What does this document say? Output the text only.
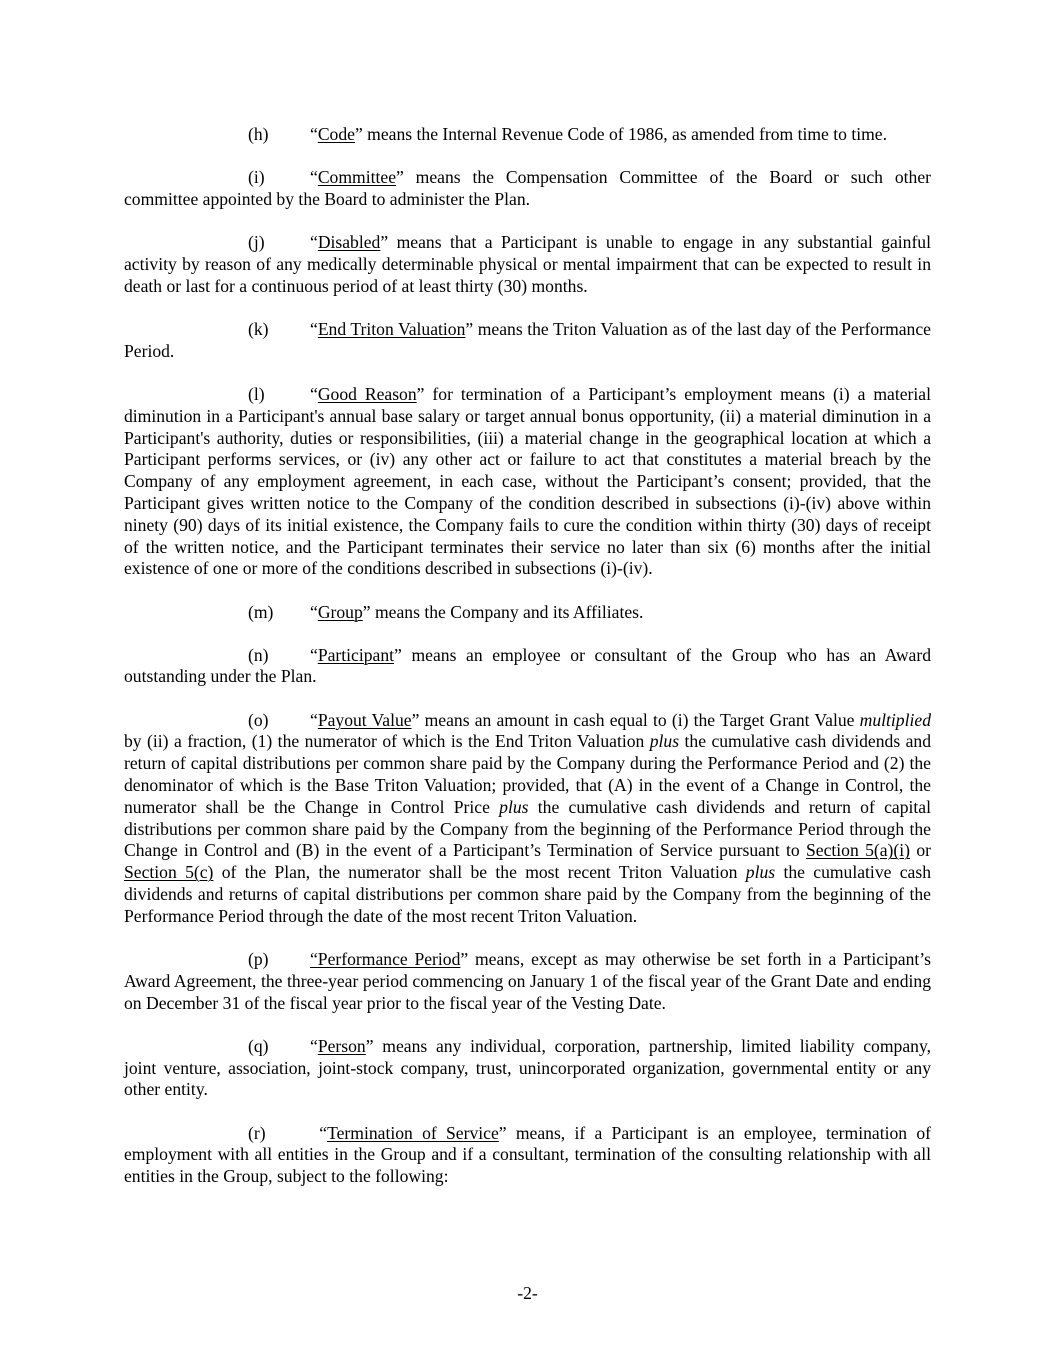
(h) “Code” means the Internal Revenue Code of 1986, as amended from time to time.

(i)	“Committee” means the Compensation Committee of the Board or such other committee appointed by the Board to administer the Plan.

(j)	“Disabled” means that a Participant is unable to engage in any substantial gainful activity by reason of any medically determinable physical or mental impairment that can be expected to result in death or last for a continuous period of at least thirty (30) months.

(k) “End Triton Valuation” means the Triton Valuation as of the last day of the Performance Period.

(l)	“Good Reason” for termination of a Participant’s employment means (i) a material diminution in a Participant's annual base salary or target annual bonus opportunity, (ii) a material diminution in a Participant's authority, duties or responsibilities, (iii) a material change in the geographical location at which a Participant performs services, or (iv) any other act or failure to act that constitutes a material breach by the Company of any employment agreement, in each case, without the Participant’s consent; provided, that the Participant gives written notice to the Company of the condition described in subsections (i)-(iv) above within ninety (90) days of its initial existence, the Company fails to cure the condition within thirty (30) days of receipt of the written notice, and the Participant terminates their service no later than six (6) months after the initial existence of one or more of the conditions described in subsections (i)-(iv).

(m) “Group” means the Company and its Affiliates.

(n) “Participant” means an employee or consultant of the Group who has an Award outstanding under the Plan.

(o) “Payout Value” means an amount in cash equal to (i) the Target Grant Value multiplied by (ii) a fraction, (1) the numerator of which is the End Triton Valuation plus the cumulative cash dividends and return of capital distributions per common share paid by the Company during the Performance Period and (2) the denominator of which is the Base Triton Valuation; provided, that (A) in the event of a Change in Control, the numerator shall be the Change in Control Price plus the cumulative cash dividends and return of capital distributions per common share paid by the Company from the beginning of the Performance Period through the Change in Control and (B) in the event of a Participant’s Termination of Service pursuant to Section 5(a)(i) or Section 5(c) of the Plan, the numerator shall be the most recent Triton Valuation plus the cumulative cash dividends and returns of capital distributions per common share paid by the Company from the beginning of the Performance Period through the date of the most recent Triton Valuation.

(p) “Performance Period” means, except as may otherwise be set forth in a Participant’s Award Agreement, the three-year period commencing on January 1 of the fiscal year of the Grant Date and ending on December 31 of the fiscal year prior to the fiscal year of the Vesting Date.

(q) “Person” means any individual, corporation, partnership, limited liability company, joint venture, association, joint-stock company, trust, unincorporated organization, governmental entity or any other entity.

(r)	“Termination of Service” means, if a Participant is an employee, termination of employment with all entities in the Group and if a consultant, termination of the consulting relationship with all entities in the Group, subject to the following:

-2-
